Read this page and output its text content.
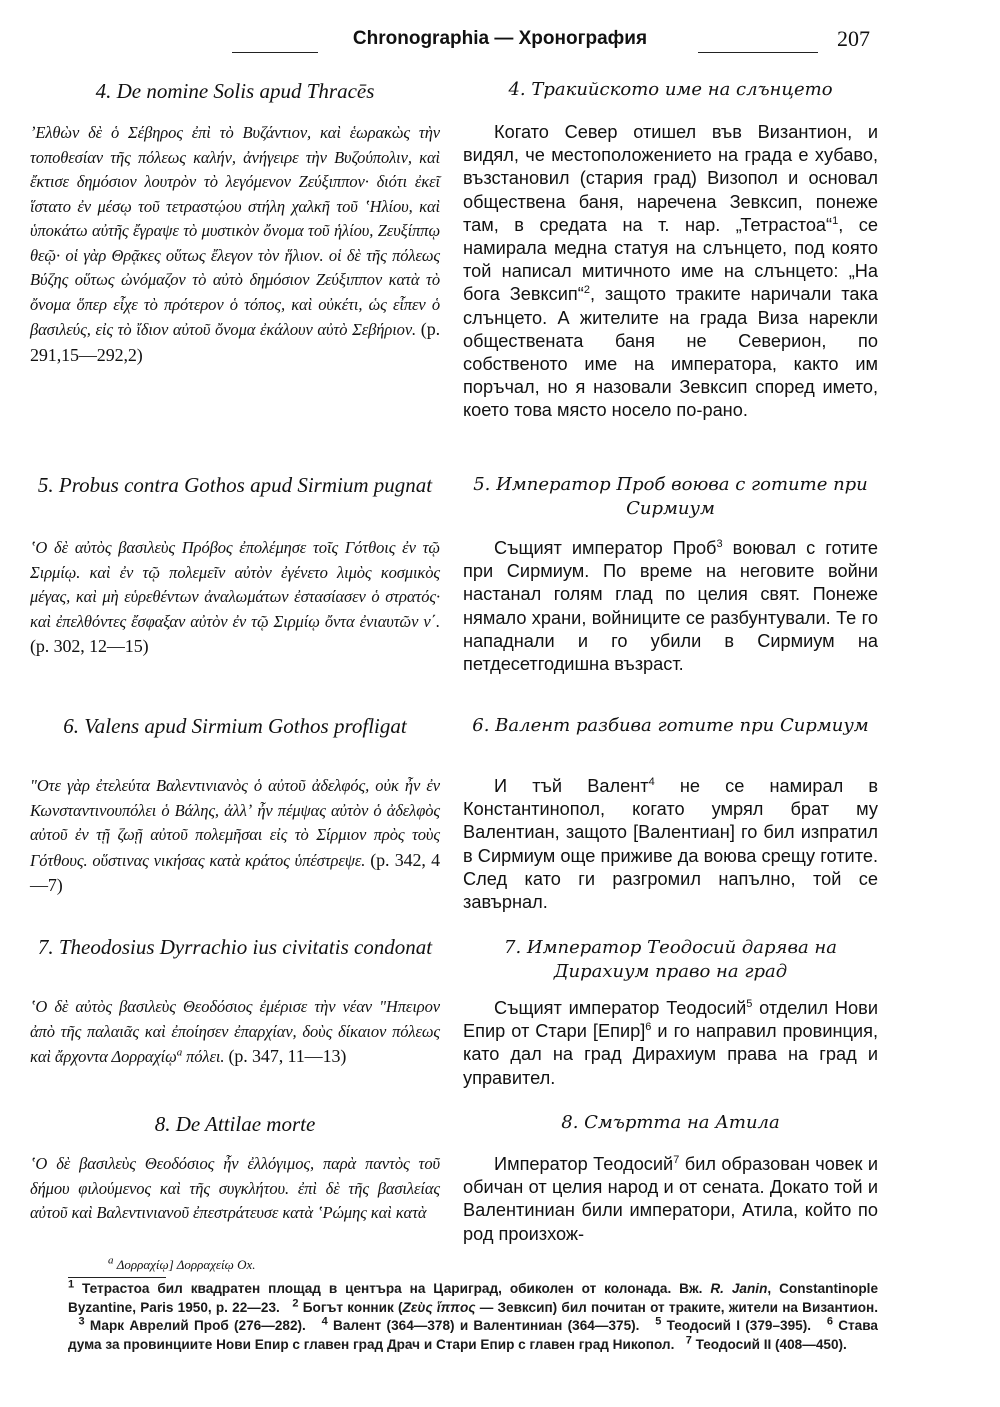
Chronographia — Хронография	207
4. De nomine Solis apud Thracēs
ʼΕλθὼν δὲ ὁ Σέβηρος ἐπὶ τὸ Βυζάντιον, καὶ ἑωρακὼς τὴν τοποθεσίαν τῆς πόλεως καλήν, ἀνήγειρε τὴν Βυζούπολιν, καὶ ἔκτισε δημόσιον λουτρὸν τὸ λεγόμενον Ζεύξιππον· διότι ἐκεῖ ἵστατο ἐν μέσῳ τοῦ τετραστῴου στήλη χαλκῆ τοῦ ʽΗλίου, καὶ ὑποκάτω αὐτῆς ἔγραψε τὸ μυστικὸν ὄνομα τοῦ ἡλίου, Ζευξίππῳ θεῷ· οἱ γὰρ Θρᾷκες οὕτως ἔλεγον τὸν ἥλιον. οἱ δὲ τῆς πόλεως Βύζης οὕτως ὠνόμαζον τὸ αὐτὸ δημόσιον Ζεύξιππον κατὰ τὸ ὄνομα ὅπερ εἶχε τὸ πρότερον ὁ τόπος, καὶ οὐκέτι, ὡς εἶπεν ὁ βασιλεύς, εἰς τὸ ἴδιον αὐτοῦ ὄνομα ἐκάλουν αὐτὸ Σεβήριον. (p. 291,15—292,2)
5. Probus contra Gothos apud Sirmium pugnat
ʽΟ δὲ αὐτὸς βασιλεὺς Πρόβος ἐπολέμησε τοῖς Γότθοις ἐν τῷ Σιρμίῳ. καὶ ἐν τῷ πολεμεῖν αὐτὸν ἐγένετο λιμὸς κοσμικὸς μέγας, καὶ μὴ εὑρεθέντων ἀναλωμάτων ἐστασίασεν ὁ στρατός· καὶ ἐπελθόντες ἔσφαξαν αὐτὸν ἐν τῷ Σιρμίῳ ὄντα ἐνιαυτῶν ν΄. (p. 302, 12—15)
6. Valens apud Sirmium Gothos profligat
ʺΟτε γὰρ ἐτελεύτα Βαλεντινιανὸς ὁ αὐτοῦ ἀδελφός, οὐκ ἦν ἐν Κωνσταντινουπόλει ὁ Βάλης, ἀλλʼ ἦν πέμψας αὐτὸν ὁ ἀδελφὸς αὐτοῦ ἐν τῇ ζωῇ αὐτοῦ πολεμῆσαι εἰς τὸ Σίρμιον πρὸς τοὺς Γότθους. οὕστινας νικήσας κατὰ κράτος ὑπέστρεψε. (p. 342, 4—7)
7. Theodosius Dyrrachio ius civitatis condonat
ʽΟ δὲ αὐτὸς βασιλεὺς Θεοδόσιος ἐμέρισε τὴν νέαν ʺΗπειρον ἀπὸ τῆς παλαιᾶς καὶ ἐποίησεν ἐπαρχίαν, δοὺς δίκαιον πόλεως καὶ ἄρχοντα Δορραχίῳ$^a$ πόλει. (p. 347, 11—13)
8. De Attilae morte
ʽΟ δὲ βασιλεὺς Θεοδόσιος ἦν ἐλλόγιμος, παρὰ παντὸς τοῦ δήμου φιλούμενος καὶ τῆς συγκλήτου. ἐπὶ δὲ τῆς βασιλείας αὐτοῦ καὶ Βαλεντινιανοῦ ἐπεστράτευσε κατὰ ʽΡώμης καὶ κατὰ
4. Тракийското име на слънцето
Когато Север отишел във Византион, и видял, че местоположението на града е хубаво, възстановил (стария град) Визопол и основал обществена баня, наречена Зевксип, понеже там, в средата на т. нар. „Тетрастоа“$^1$, се намирала медна статуя на слънцето, под която той написал митичното име на слънцето: „На бога Зевксип“$^2$, защото траките наричали така слънцето. А жителите на града Виза нарекли обществената баня не Северион, по собственото име на императора, както им поръчал, но я назовали Зевксип според името, което това място носело по-рано.
5. Император Проб воюва с готите при Сирмиум
Същият император Проб$^3$ воювал с готите при Сирмиум. По време на неговите войни настанал голям глад по целия свят. Понеже нямало храни, войниците се разбунтували. Те го нападнали и го убили в Сирмиум на петдесетгодишна възраст.
6. Валент разбива готите при Сирмиум
И тъй Валент$^4$ не се намирал в Константинопол, когато умрял брат му Валентиан, защото [Валентиан] го бил изпратил в Сирмиум още приживе да воюва срещу готите. След като ги разгромил напълно, той се завърнал.
7. Император Теодосий дарява на Дирахиум право на град
Същият император Теодосий$^5$ отделил Нови Епир от Стари [Епир]$^6$ и го направил провинция, като дал на град Дирахиум права на град и управител.
8. Смъртта на Атила
Император Теодосий$^7$ бил образован човек и обичан от целия народ и от сената. Докато той и Валентиниан били императори, Атила, който по род произхож-
$^a$ Δορραχίῳ] Δορραχείῳ Ox.
$^1$ Тетрастоа бил квадратен площад в центъра на Цариград, обиколен от колонада. Вж. R. Janin, Constantinople Byzantine, Paris 1950, p. 22—23.   $^2$ Богът конник (Ζεὺς ἵππος — Зевксип) бил почитан от траките, жители на Византион.   $^3$ Марк Аврелий Проб (276—282).   $^4$ Валент (364—378) и Валентиниан (364—375).   $^5$ Теодосий I (379–395).   $^6$ Става дума за провинциите Нови Епир с главен град Драч и Стари Епир с главен град Никопол.   $^7$ Теодосий II (408—450).
